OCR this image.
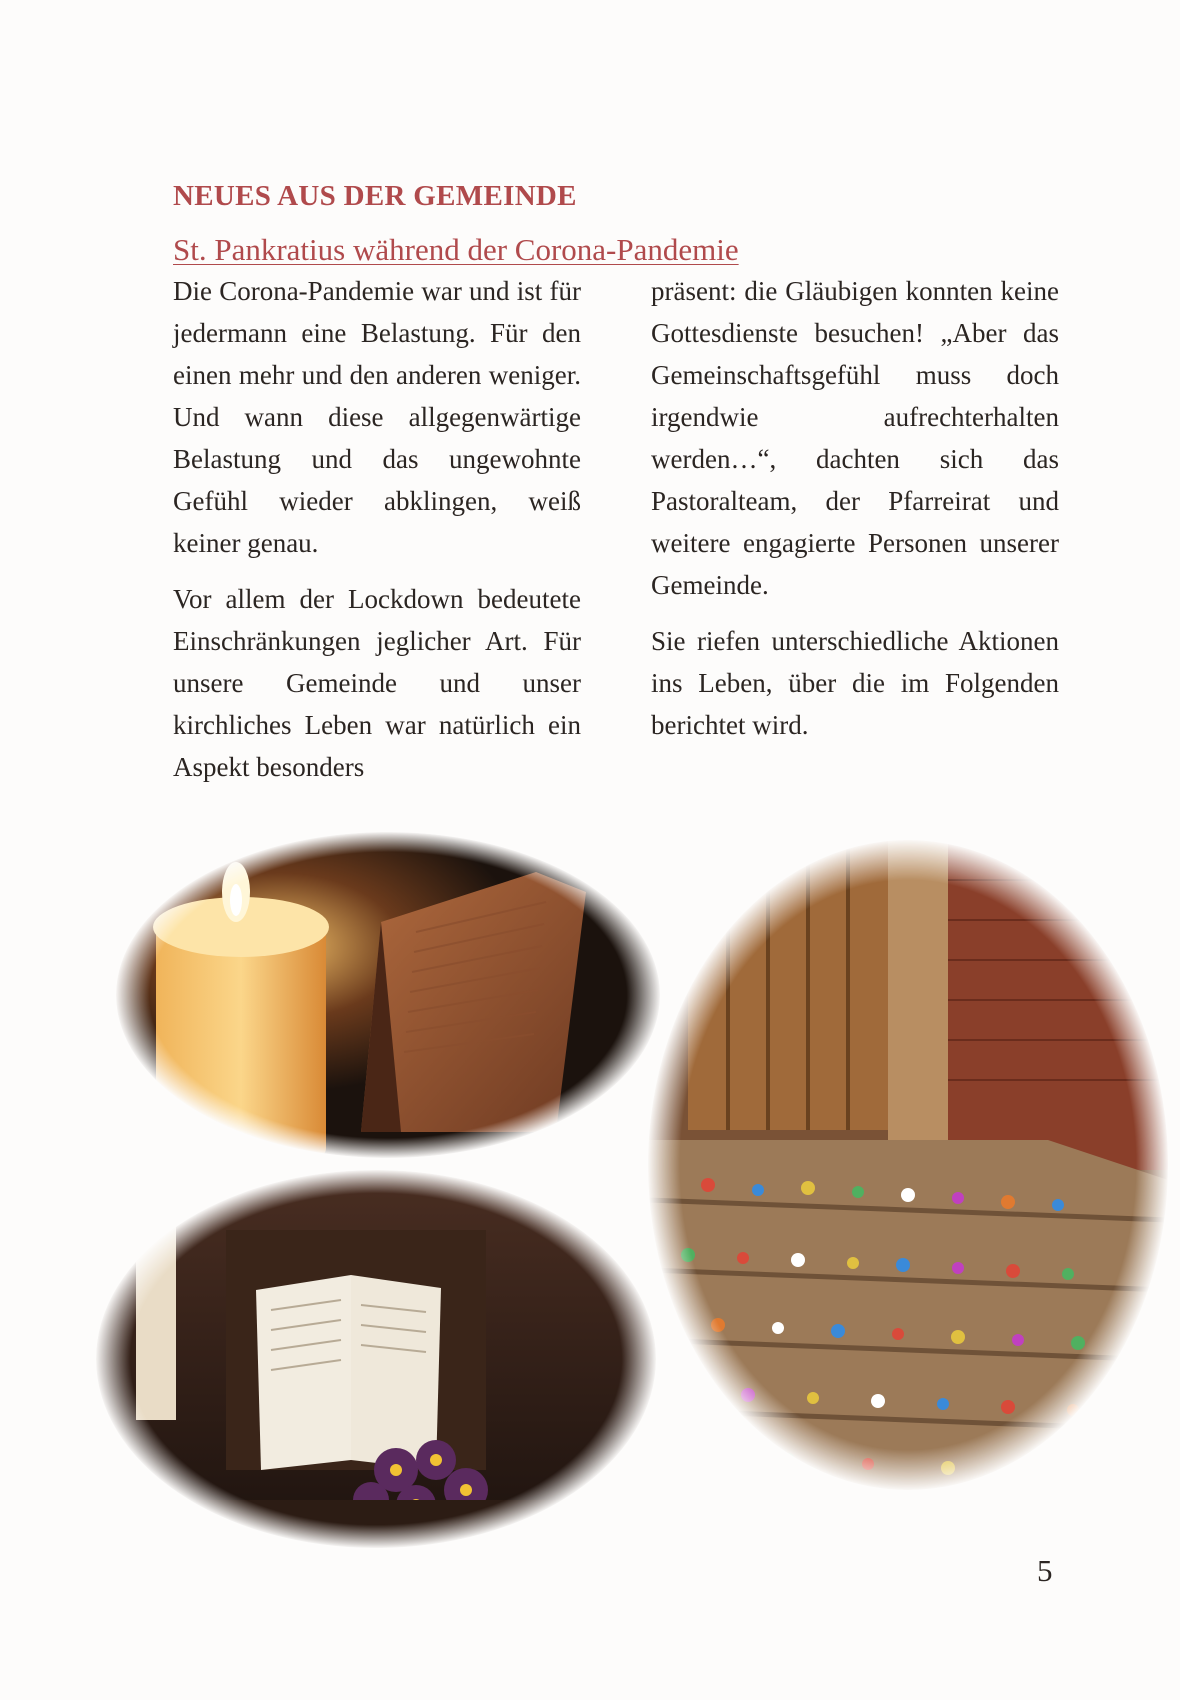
NEUES AUS DER GEMEINDE
St. Pankratius während der Corona-Pandemie

Die Corona-Pandemie war und ist für jedermann eine Belastung. Für den einen mehr und den anderen weniger. Und wann diese allgegenwärtige Belastung und das ungewohnte Gefühl wieder abklingen, weiß keiner genau.

Vor allem der Lockdown bedeutete Einschränkungen jeglicher Art. Für unsere Gemeinde und unser kirchliches Leben war natürlich ein Aspekt besonders

präsent: die Gläubigen konnten keine Gottesdienste besuchen! „Aber das Gemeinschaftsgefühl muss doch irgendwie aufrechterhalten werden…“, dachten sich das Pastoralteam, der Pfarreirat und weitere engagierte Personen unserer Gemeinde.

Sie riefen unterschiedliche Aktionen ins Leben, über die im Folgenden berichtet wird.

5
